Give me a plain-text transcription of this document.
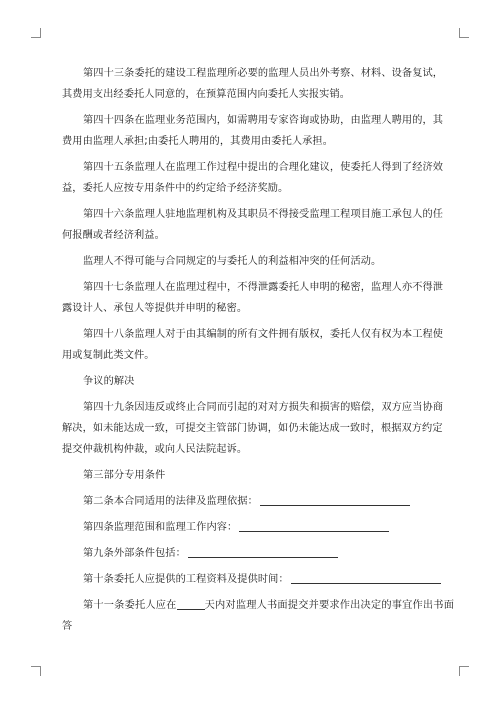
第四十三条委托的建设工程监理所必要的监理人员出外考察、材料、设备复试，
其费用支出经委托人同意的，在预算范围内向委托人实报实销。

第四十四条在监理业务范围内，如需聘用专家咨询或协助，由监理人聘用的，其
费用由监理人承担;由委托人聘用的，其费用由委托人承担。

第四十五条监理人在监理工作过程中提出的合理化建议，使委托人得到了经济效
益，委托人应按专用条件中的约定给予经济奖励。

第四十六条监理人驻地监理机构及其职员不得接受监理工程项目施工承包人的任
何报酬或者经济利益。

监理人不得可能与合同规定的与委托人的利益相冲突的任何活动。

第四十七条监理人在监理过程中，不得泄露委托人申明的秘密，监理人亦不得泄
露设计人、承包人等提供并申明的秘密。

第四十八条监理人对于由其编制的所有文件拥有版权，委托人仅有权为本工程使
用或复制此类文件。

争议的解决

第四十九条因违反或终止合同而引起的对对方损失和损害的赔偿，双方应当协商
解决，如未能达成一致，可提交主管部门协调，如仍未能达成一致时，根据双方约定
提交仲裁机构仲裁，或向人民法院起诉。

第三部分专用条件

第二条本合同适用的法律及监理依据：

第四条监理范围和监理工作内容：

第九条外部条件包括：

第十条委托人应提供的工程资料及提供时间：

第十一条委托人应在	天内对监理人书面提交并要求作出决定的事宜作出书面答
